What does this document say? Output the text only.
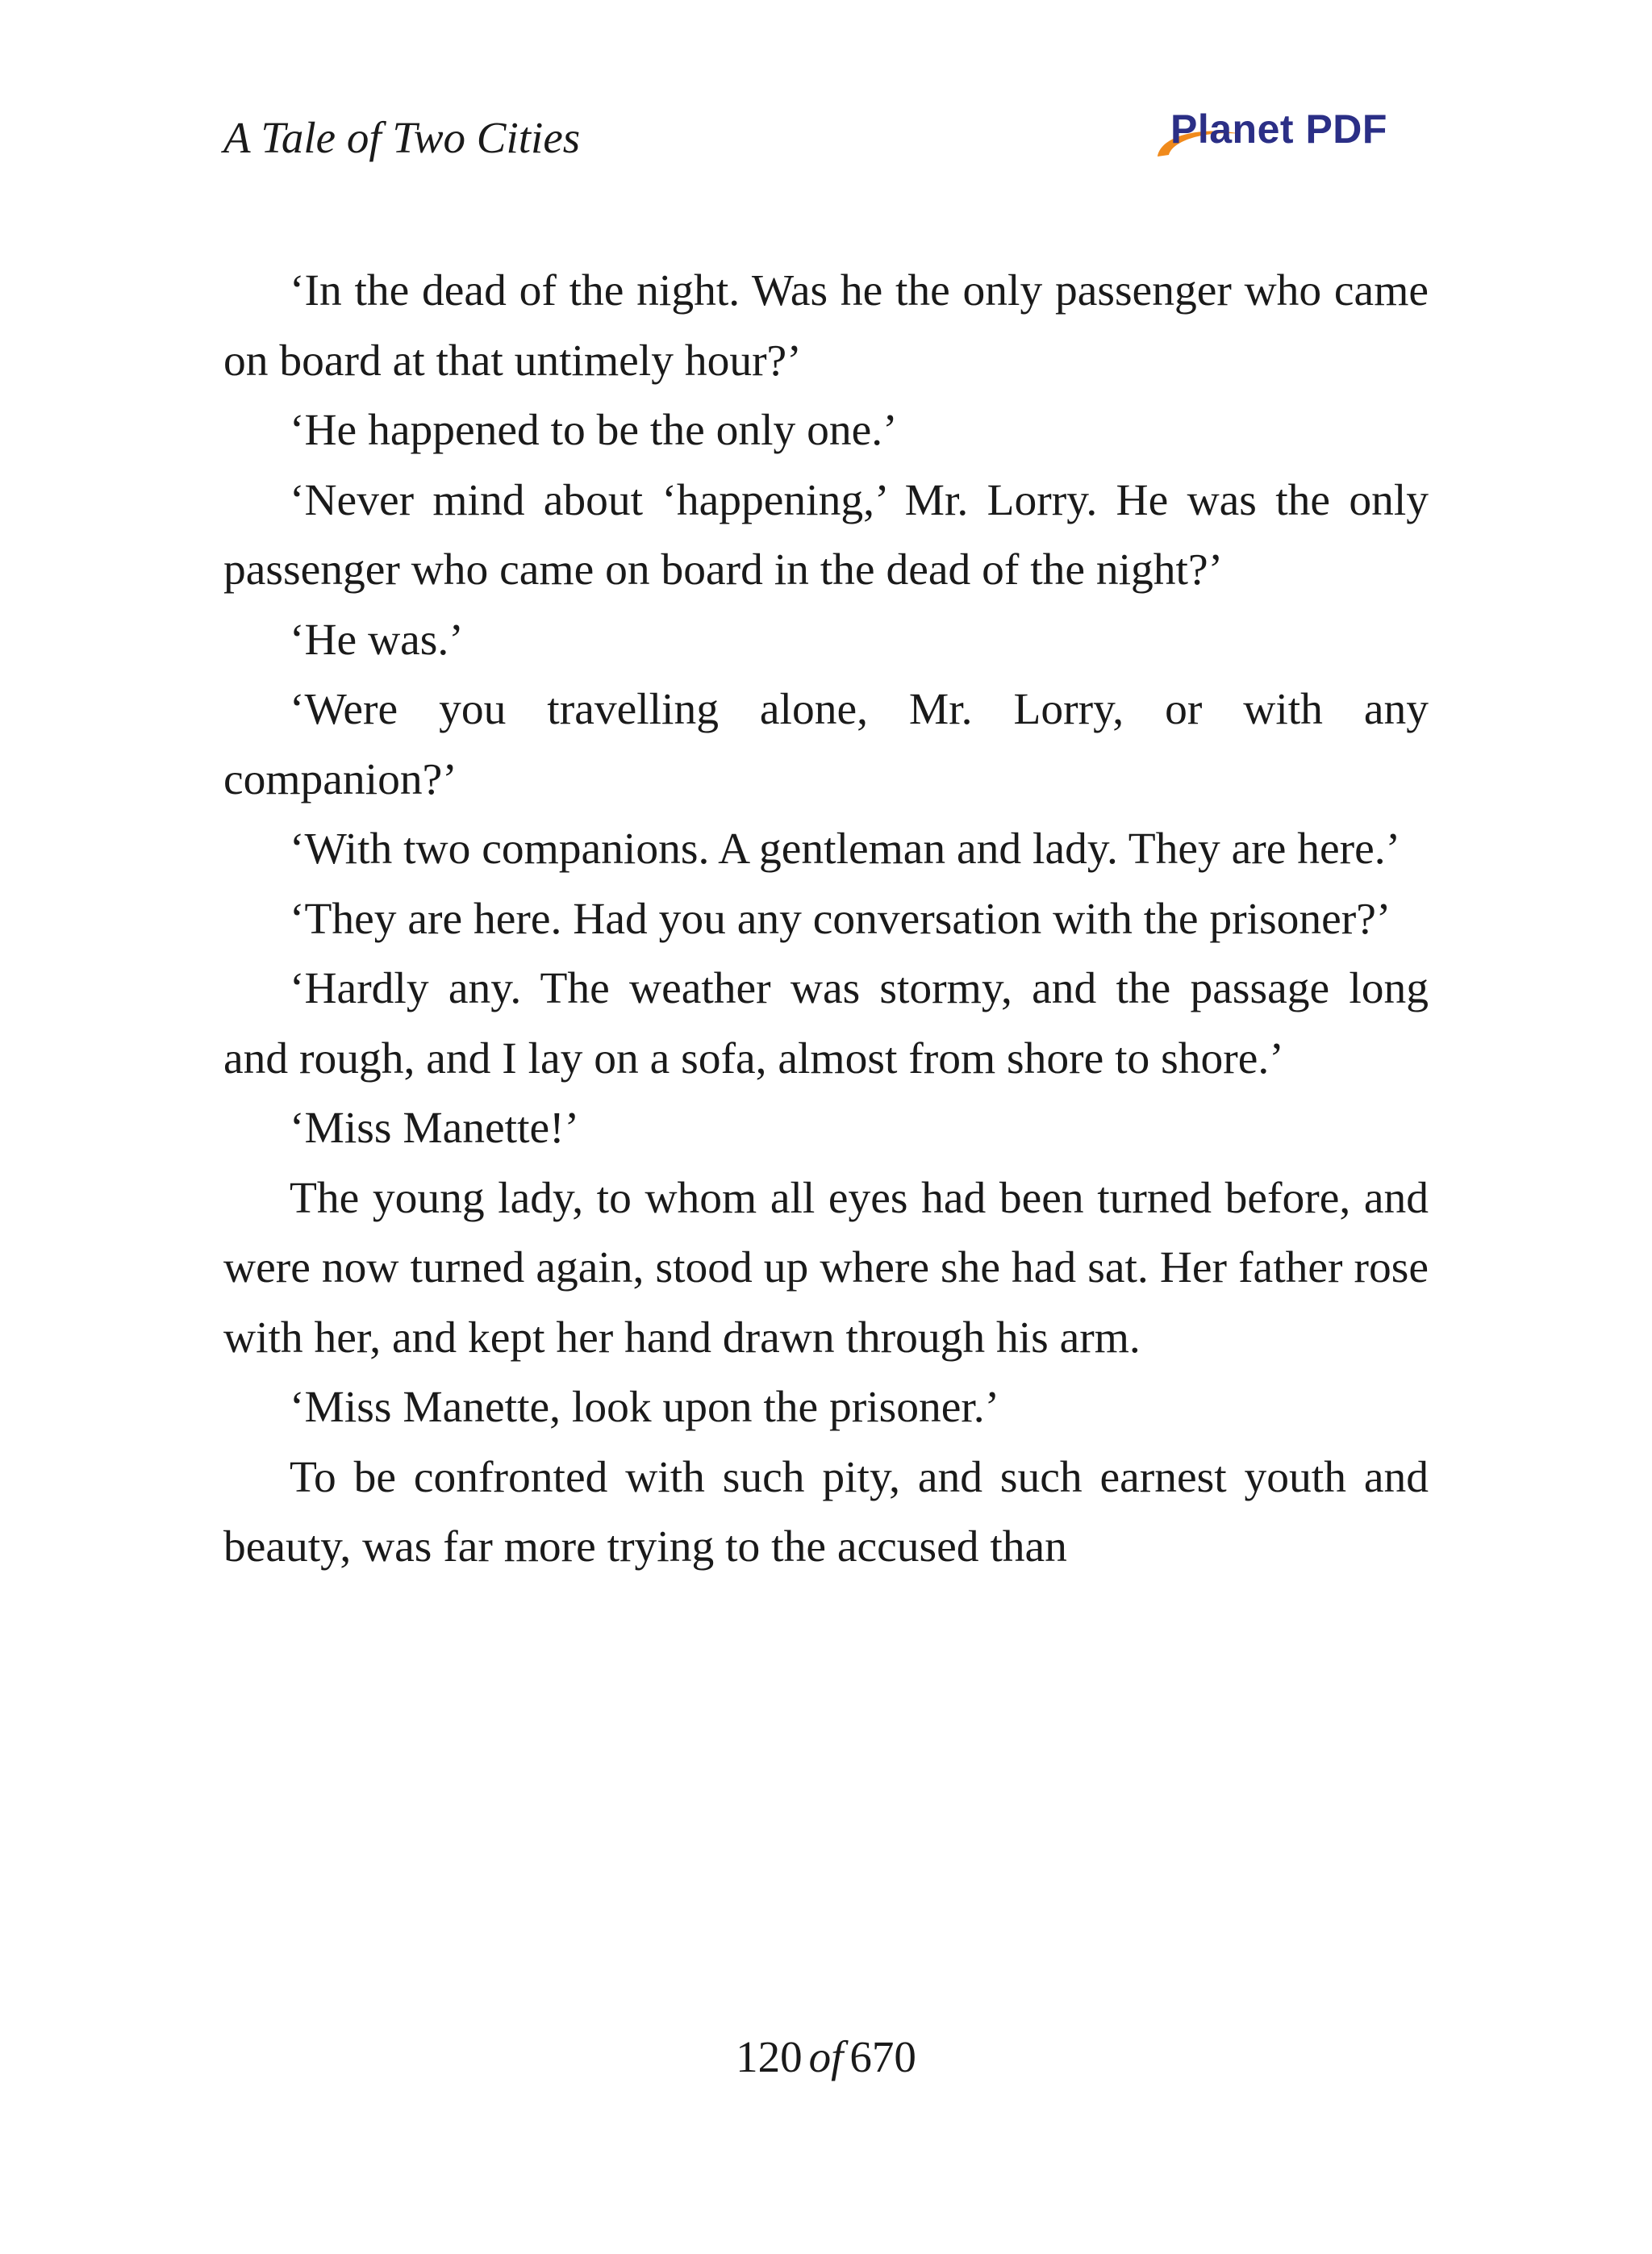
A Tale of Two Cities	Planet PDF

‘In the dead of the night. Was he the only passenger who came on board at that untimely hour?’

‘He happened to be the only one.’

‘Never mind about ‘happening,’ Mr. Lorry. He was the only passenger who came on board in the dead of the night?’

‘He was.’

‘Were you travelling alone, Mr. Lorry, or with any companion?’

‘With two companions. A gentleman and lady. They are here.’

‘They are here. Had you any conversation with the prisoner?’

‘Hardly any. The weather was stormy, and the passage long and rough, and I lay on a sofa, almost from shore to shore.’

‘Miss Manette!’

The young lady, to whom all eyes had been turned before, and were now turned again, stood up where she had sat. Her father rose with her, and kept her hand drawn through his arm.

‘Miss Manette, look upon the prisoner.’

To be confronted with such pity, and such earnest youth and beauty, was far more trying to the accused than

120 of 670
